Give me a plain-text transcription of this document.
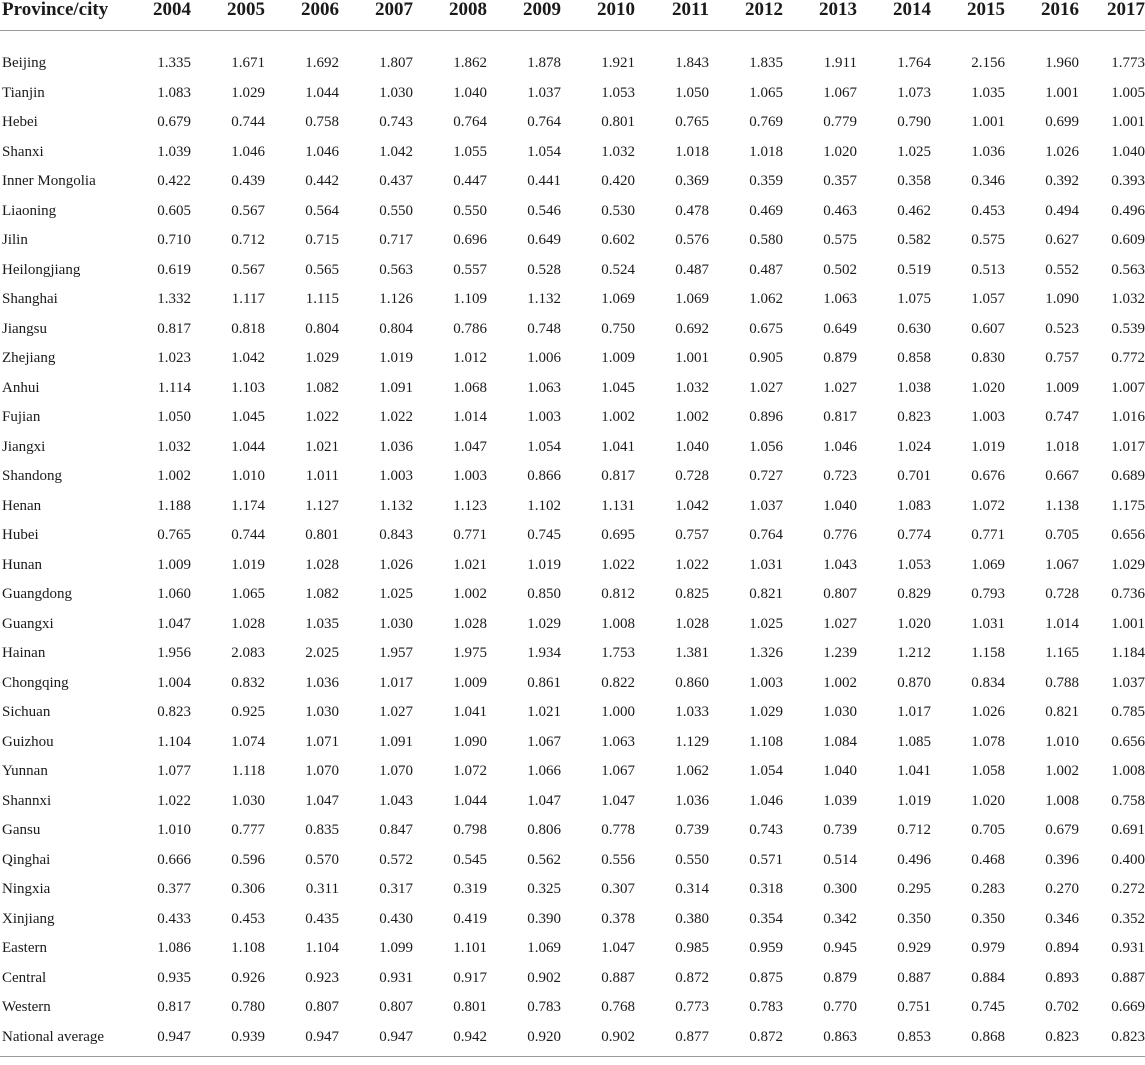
Province/city	2004	2005	2006	2007	2008	2009	2010	2011	2012	2013	2014	2015	2016	2017

Beijing	1.335	1.671	1.692	1.807	1.862	1.878	1.921	1.843	1.835	1.911	1.764	2.156	1.960	1.773
Tianjin	1.083	1.029	1.044	1.030	1.040	1.037	1.053	1.050	1.065	1.067	1.073	1.035	1.001	1.005
Hebei	0.679	0.744	0.758	0.743	0.764	0.764	0.801	0.765	0.769	0.779	0.790	1.001	0.699	1.001
Shanxi	1.039	1.046	1.046	1.042	1.055	1.054	1.032	1.018	1.018	1.020	1.025	1.036	1.026	1.040
Inner Mongolia	0.422	0.439	0.442	0.437	0.447	0.441	0.420	0.369	0.359	0.357	0.358	0.346	0.392	0.393
Liaoning	0.605	0.567	0.564	0.550	0.550	0.546	0.530	0.478	0.469	0.463	0.462	0.453	0.494	0.496
Jilin	0.710	0.712	0.715	0.717	0.696	0.649	0.602	0.576	0.580	0.575	0.582	0.575	0.627	0.609
Heilongjiang	0.619	0.567	0.565	0.563	0.557	0.528	0.524	0.487	0.487	0.502	0.519	0.513	0.552	0.563
Shanghai	1.332	1.117	1.115	1.126	1.109	1.132	1.069	1.069	1.062	1.063	1.075	1.057	1.090	1.032
Jiangsu	0.817	0.818	0.804	0.804	0.786	0.748	0.750	0.692	0.675	0.649	0.630	0.607	0.523	0.539
Zhejiang	1.023	1.042	1.029	1.019	1.012	1.006	1.009	1.001	0.905	0.879	0.858	0.830	0.757	0.772
Anhui	1.114	1.103	1.082	1.091	1.068	1.063	1.045	1.032	1.027	1.027	1.038	1.020	1.009	1.007
Fujian	1.050	1.045	1.022	1.022	1.014	1.003	1.002	1.002	0.896	0.817	0.823	1.003	0.747	1.016
Jiangxi	1.032	1.044	1.021	1.036	1.047	1.054	1.041	1.040	1.056	1.046	1.024	1.019	1.018	1.017
Shandong	1.002	1.010	1.011	1.003	1.003	0.866	0.817	0.728	0.727	0.723	0.701	0.676	0.667	0.689
Henan	1.188	1.174	1.127	1.132	1.123	1.102	1.131	1.042	1.037	1.040	1.083	1.072	1.138	1.175
Hubei	0.765	0.744	0.801	0.843	0.771	0.745	0.695	0.757	0.764	0.776	0.774	0.771	0.705	0.656
Hunan	1.009	1.019	1.028	1.026	1.021	1.019	1.022	1.022	1.031	1.043	1.053	1.069	1.067	1.029
Guangdong	1.060	1.065	1.082	1.025	1.002	0.850	0.812	0.825	0.821	0.807	0.829	0.793	0.728	0.736
Guangxi	1.047	1.028	1.035	1.030	1.028	1.029	1.008	1.028	1.025	1.027	1.020	1.031	1.014	1.001
Hainan	1.956	2.083	2.025	1.957	1.975	1.934	1.753	1.381	1.326	1.239	1.212	1.158	1.165	1.184
Chongqing	1.004	0.832	1.036	1.017	1.009	0.861	0.822	0.860	1.003	1.002	0.870	0.834	0.788	1.037
Sichuan	0.823	0.925	1.030	1.027	1.041	1.021	1.000	1.033	1.029	1.030	1.017	1.026	0.821	0.785
Guizhou	1.104	1.074	1.071	1.091	1.090	1.067	1.063	1.129	1.108	1.084	1.085	1.078	1.010	0.656
Yunnan	1.077	1.118	1.070	1.070	1.072	1.066	1.067	1.062	1.054	1.040	1.041	1.058	1.002	1.008
Shannxi	1.022	1.030	1.047	1.043	1.044	1.047	1.047	1.036	1.046	1.039	1.019	1.020	1.008	0.758
Gansu	1.010	0.777	0.835	0.847	0.798	0.806	0.778	0.739	0.743	0.739	0.712	0.705	0.679	0.691
Qinghai	0.666	0.596	0.570	0.572	0.545	0.562	0.556	0.550	0.571	0.514	0.496	0.468	0.396	0.400
Ningxia	0.377	0.306	0.311	0.317	0.319	0.325	0.307	0.314	0.318	0.300	0.295	0.283	0.270	0.272
Xinjiang	0.433	0.453	0.435	0.430	0.419	0.390	0.378	0.380	0.354	0.342	0.350	0.350	0.346	0.352
Eastern	1.086	1.108	1.104	1.099	1.101	1.069	1.047	0.985	0.959	0.945	0.929	0.979	0.894	0.931
Central	0.935	0.926	0.923	0.931	0.917	0.902	0.887	0.872	0.875	0.879	0.887	0.884	0.893	0.887
Western	0.817	0.780	0.807	0.807	0.801	0.783	0.768	0.773	0.783	0.770	0.751	0.745	0.702	0.669
National average	0.947	0.939	0.947	0.947	0.942	0.920	0.902	0.877	0.872	0.863	0.853	0.868	0.823	0.823
